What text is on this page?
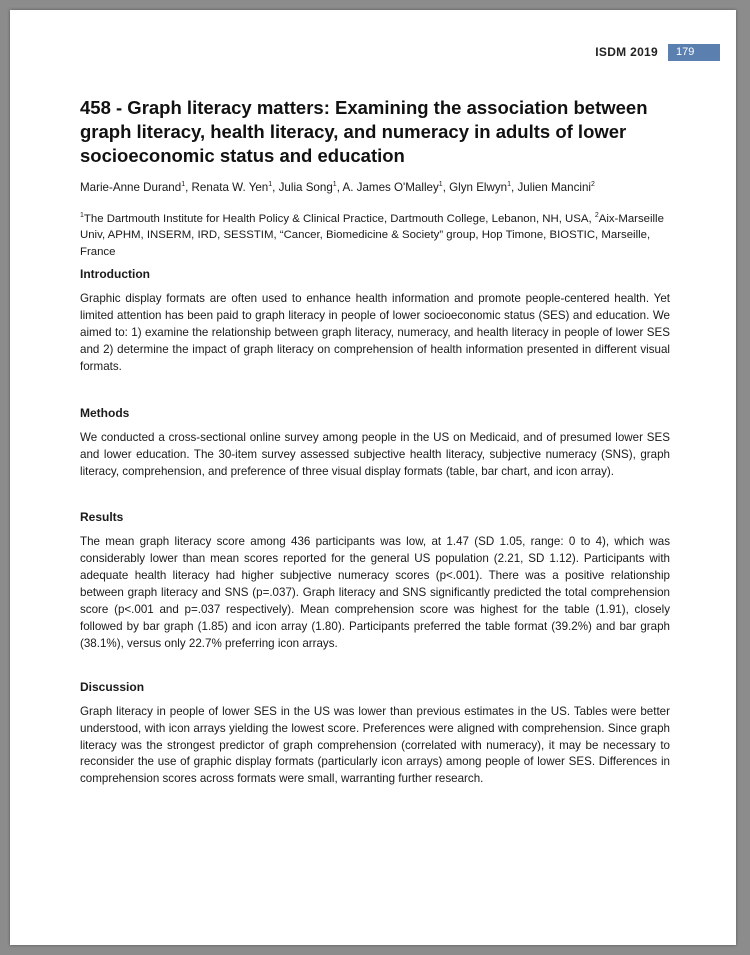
ISDM 2019	179
458 - Graph literacy matters: Examining the association between graph literacy, health literacy, and numeracy in adults of lower socioeconomic status and education
Marie-Anne Durand$^1$, Renata W. Yen$^1$, Julia Song$^1$, A. James O'Malley$^1$, Glyn Elwyn$^1$, Julien Mancini$^2$
$^1$The Dartmouth Institute for Health Policy & Clinical Practice, Dartmouth College, Lebanon, NH, USA, $^2$Aix-Marseille Univ, APHM, INSERM, IRD, SESSTIM, “Cancer, Biomedicine & Society” group, Hop Timone, BIOSTIC, Marseille, France
Introduction

Graphic display formats are often used to enhance health information and promote people-centered health. Yet limited attention has been paid to graph literacy in people of lower socioeconomic status (SES) and education. We aimed to: 1) examine the relationship between graph literacy, numeracy, and health literacy in people of lower SES and 2) determine the impact of graph literacy on comprehension of health information presented in different visual formats.

Methods

We conducted a cross-sectional online survey among people in the US on Medicaid, and of presumed lower SES and lower education. The 30-item survey assessed subjective health literacy, subjective numeracy (SNS), graph literacy, comprehension, and preference of three visual display formats (table, bar chart, and icon array).

Results

The mean graph literacy score among 436 participants was low, at 1.47 (SD 1.05, range: 0 to 4), which was considerably lower than mean scores reported for the general US population (2.21, SD 1.12). Participants with adequate health literacy had higher subjective numeracy scores (p<.001). There was a positive relationship between graph literacy and SNS (p=.037). Graph literacy and SNS significantly predicted the total comprehension score (p<.001 and p=.037 respectively). Mean comprehension score was highest for the table (1.91), closely followed by bar graph (1.85) and icon array (1.80). Participants preferred the table format (39.2%) and bar graph (38.1%), versus only 22.7% preferring icon arrays.

Discussion

Graph literacy in people of lower SES in the US was lower than previous estimates in the US. Tables were better understood, with icon arrays yielding the lowest score. Preferences were aligned with comprehension. Since graph literacy was the strongest predictor of graph comprehension (correlated with numeracy), it may be necessary to reconsider the use of graphic display formats (particularly icon arrays) among people of lower SES. Differences in comprehension scores across formats were small, warranting further research.
